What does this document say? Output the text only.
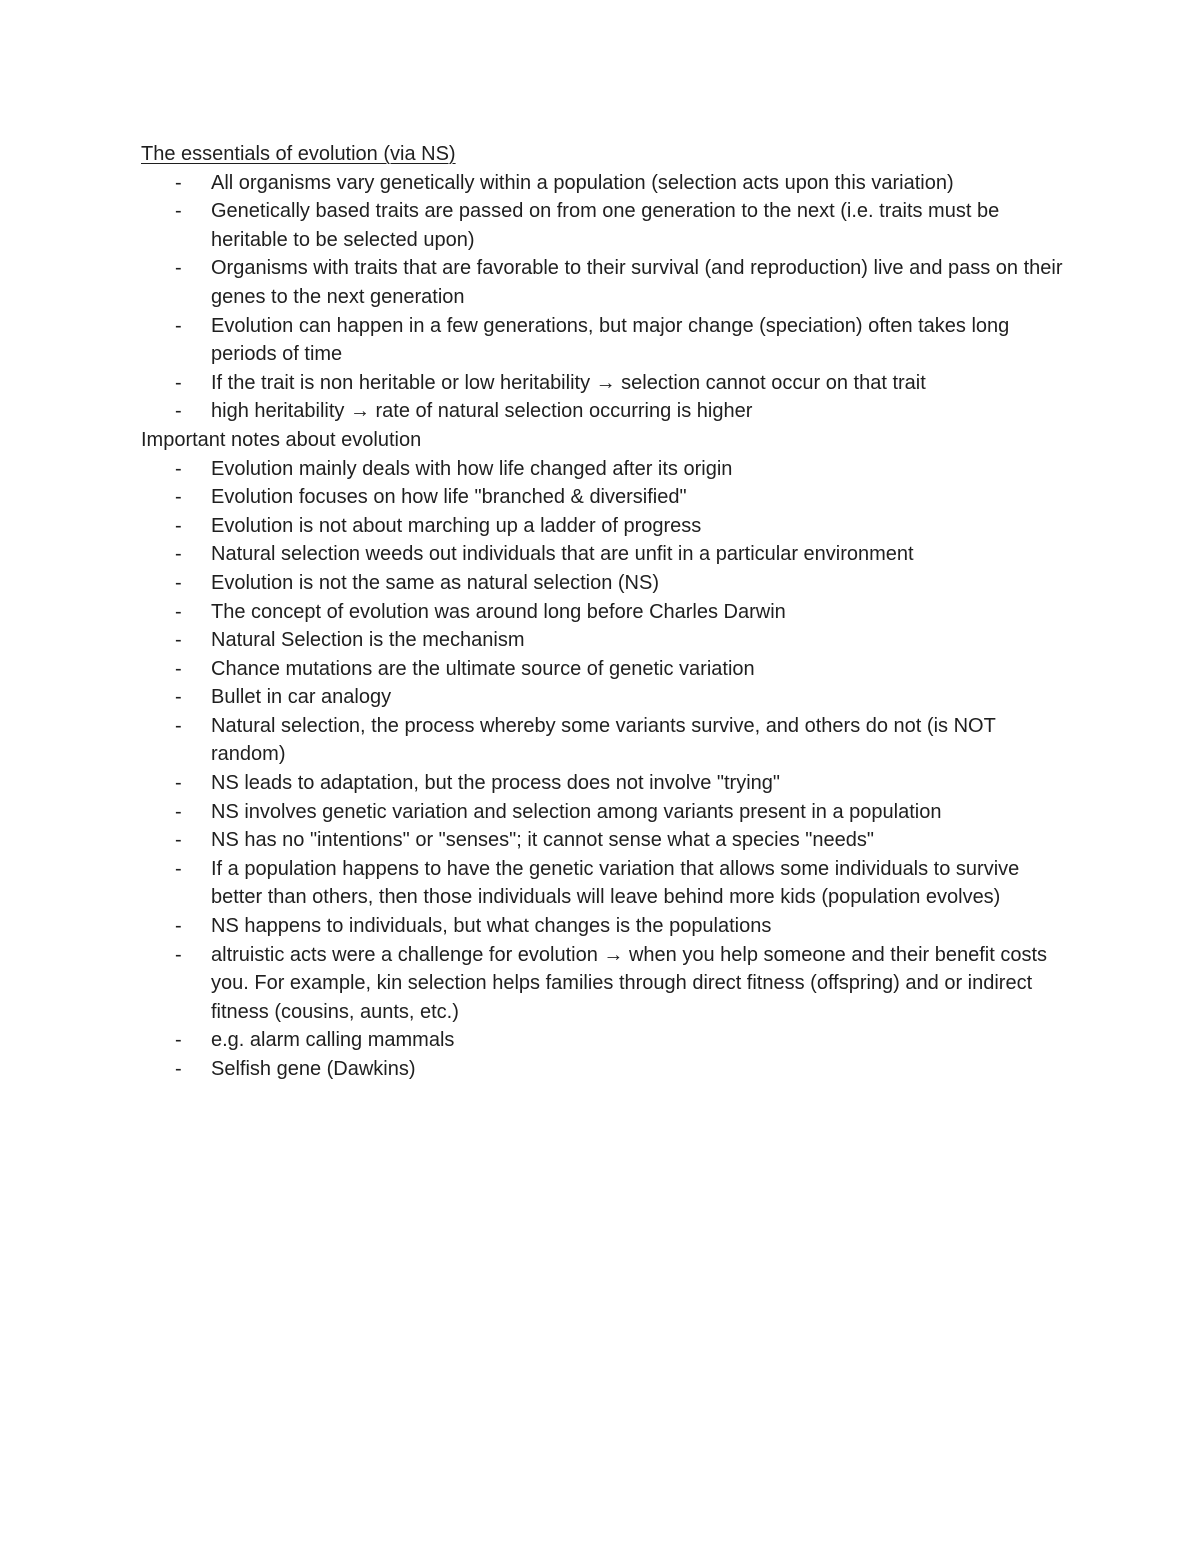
The essentials of evolution (via NS)

- All organisms vary genetically within a population (selection acts upon this variation)
- Genetically based traits are passed on from one generation to the next (i.e. traits must be heritable to be selected upon)
- Organisms with traits that are favorable to their survival (and reproduction) live and pass on their genes to the next generation
- Evolution can happen in a few generations, but major change (speciation) often takes long periods of time
- If the trait is non heritable or low heritability → selection cannot occur on that trait
- high heritability → rate of natural selection occurring is higher

Important notes about evolution

- Evolution mainly deals with how life changed after its origin
- Evolution focuses on how life "branched & diversified"
- Evolution is not about marching up a ladder of progress
- Natural selection weeds out individuals that are unfit in a particular environment
- Evolution is not the same as natural selection (NS)
- The concept of evolution was around long before Charles Darwin
- Natural Selection is the mechanism
- Chance mutations are the ultimate source of genetic variation
- Bullet in car analogy
- Natural selection, the process whereby some variants survive, and others do not (is NOT random)
- NS leads to adaptation, but the process does not involve "trying"
- NS involves genetic variation and selection among variants present in a population
- NS has no "intentions" or "senses"; it cannot sense what a species "needs"
- If a population happens to have the genetic variation that allows some individuals to survive better than others, then those individuals will leave behind more kids (population evolves)
- NS happens to individuals, but what changes is the populations
- altruistic acts were a challenge for evolution → when you help someone and their benefit costs you. For example, kin selection helps families through direct fitness (offspring) and or indirect fitness (cousins, aunts, etc.)
- e.g. alarm calling mammals
- Selfish gene (Dawkins)
